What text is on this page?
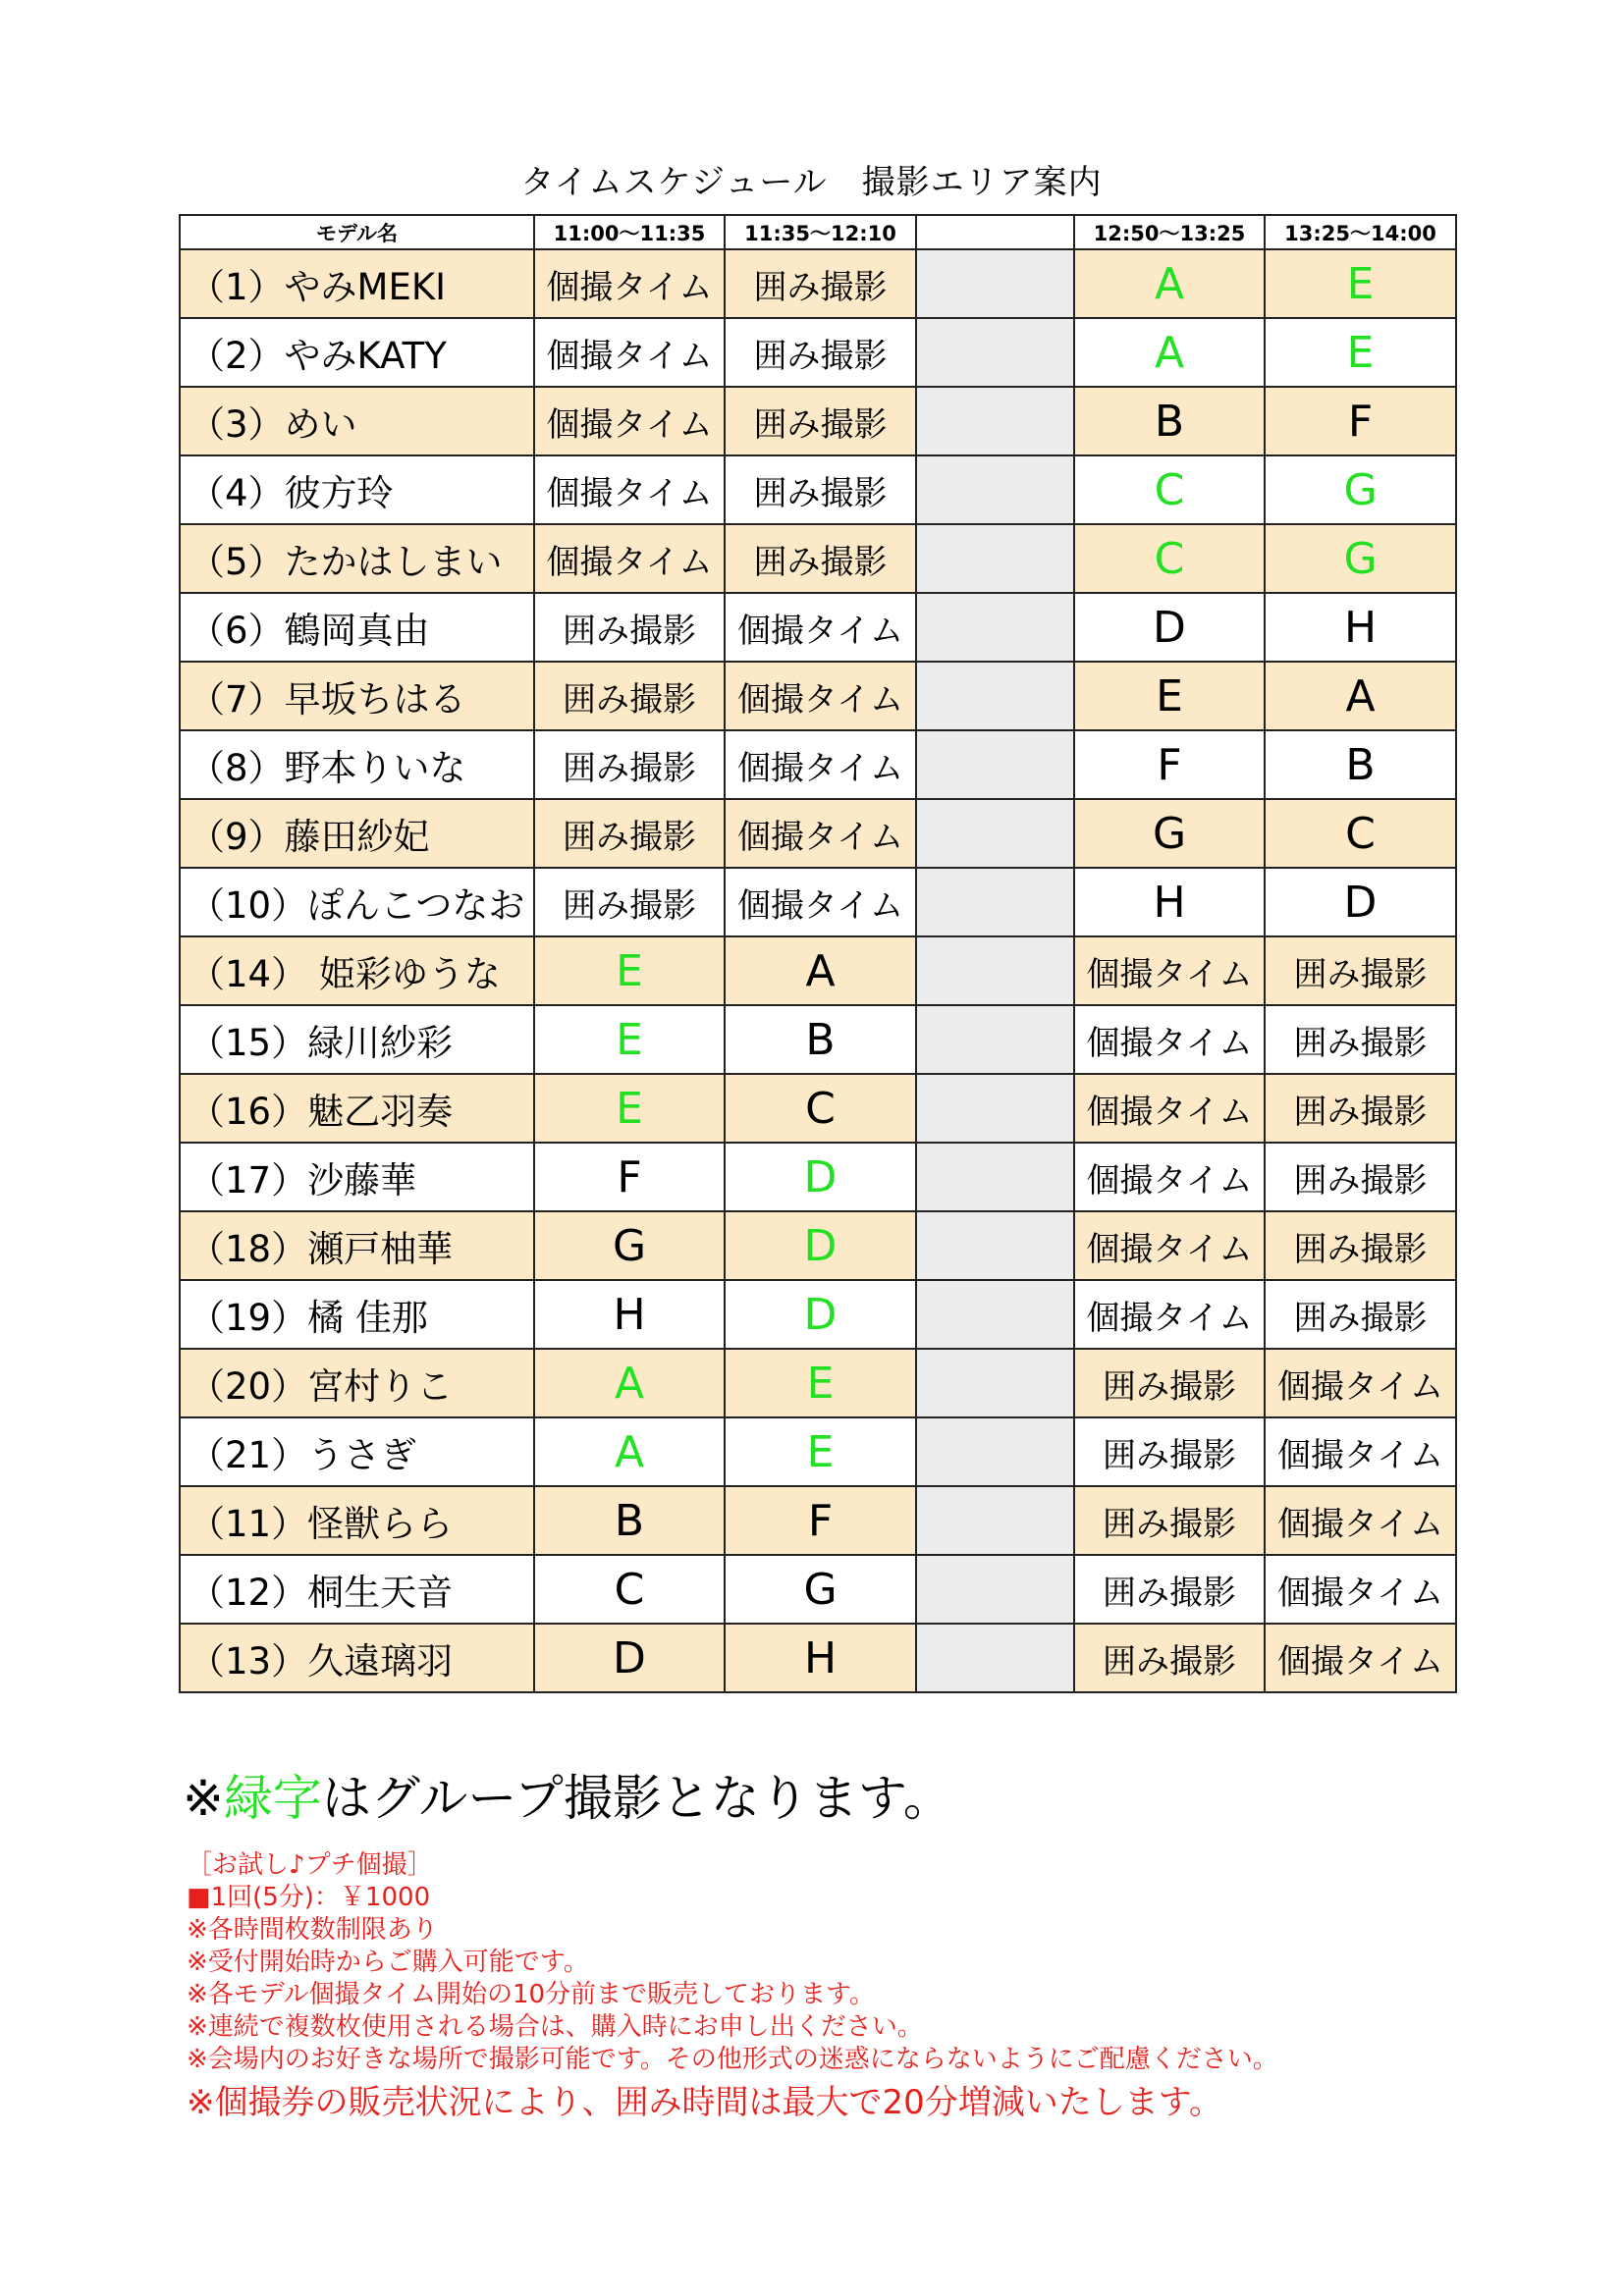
タイムスケジュール　撮影エリア案内
モデル名	11:00〜11:35	11:35〜12:10		12:50〜13:25	13:25〜14:00
（1）やみMEKI	個撮タイム	囲み撮影		A	E
（2）やみKATY	個撮タイム	囲み撮影		A	E
（3）めい	個撮タイム	囲み撮影		B	F
（4）彼方玲	個撮タイム	囲み撮影		C	G
（5）たかはしまい	個撮タイム	囲み撮影		C	G
（6）鶴岡真由	囲み撮影	個撮タイム		D	H
（7）早坂ちはる	囲み撮影	個撮タイム		E	A
（8）野本りいな	囲み撮影	個撮タイム		F	B
（9）藤田紗妃	囲み撮影	個撮タイム		G	C
（10）ぽんこつなお	囲み撮影	個撮タイム		H	D
（14） 姫彩ゆうな	E	A		個撮タイム	囲み撮影
（15）緑川紗彩	E	B		個撮タイム	囲み撮影
（16）魅乙羽奏	E	C		個撮タイム	囲み撮影
（17）沙藤華	F	D		個撮タイム	囲み撮影
（18）瀬戸柚華	G	D		個撮タイム	囲み撮影
（19）橘 佳那	H	D		個撮タイム	囲み撮影
（20）宮村りこ	A	E		囲み撮影	個撮タイム
（21）うさぎ	A	E		囲み撮影	個撮タイム
（11）怪獣らら	B	F		囲み撮影	個撮タイム
（12）桐生天音	C	G		囲み撮影	個撮タイム
（13）久遠璃羽	D	H		囲み撮影	個撮タイム
※緑字はグループ撮影となります。
［お試し♪プチ個撮］
■1回(5分)：￥1000
※各時間枚数制限あり
※受付開始時からご購入可能です。
※各モデル個撮タイム開始の10分前まで販売しております。
※連続で複数枚使用される場合は、購入時にお申し出ください。
※会場内のお好きな場所で撮影可能です。その他形式の迷惑にならないようにご配慮ください。
※個撮券の販売状況により、囲み時間は最大で20分増減いたします。
